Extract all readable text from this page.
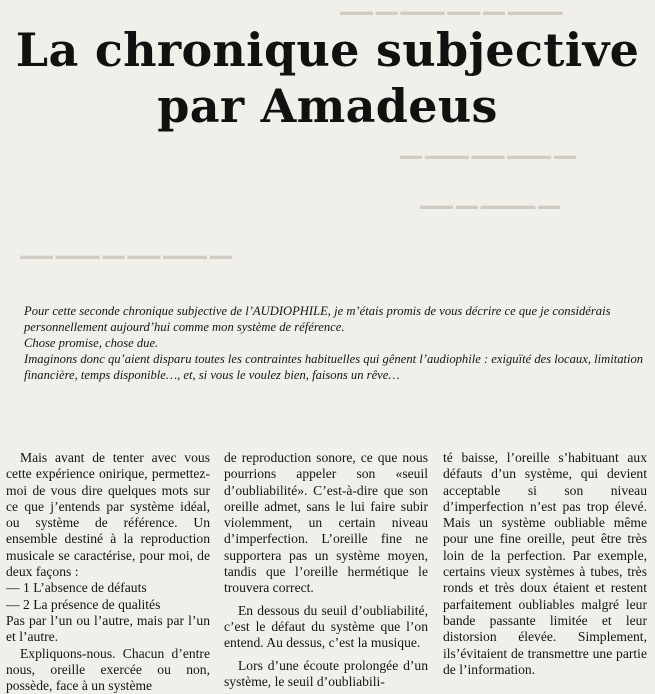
▬▬▬ ▬▬ ▬▬▬▬ ▬▬▬ ▬▬ ▬▬▬▬▬
▬▬ ▬▬▬▬ ▬▬▬ ▬▬▬▬ ▬▬
▬▬▬ ▬▬ ▬▬▬▬▬ ▬▬
▬▬▬ ▬▬▬▬ ▬▬ ▬▬▬ ▬▬▬▬ ▬▬
La chronique subjective
par Amadeus

Pour cette seconde chronique subjective de l’AUDIOPHILE, je m’étais promis de vous décrire ce que je considérais personnellement aujourd’hui comme mon système de référence.

Chose promise, chose due.

Imaginons donc qu’aient disparu toutes les contraintes habituelles qui gênent l’audiophile : exiguïté des locaux, limitation financière, temps disponible…, et, si vous le voulez bien, faisons un rêve…

Mais avant de tenter avec vous cette expérience onirique, permettez-moi de vous dire quelques mots sur ce que j’entends par système idéal, ou système de référence. Un ensemble destiné à la reproduction musicale se caractérise, pour moi, de deux façons :

— 1 L’absence de défauts
— 2 La présence de qualités

Pas par l’un ou l’autre, mais par l’un et l’autre.

Expliquons-nous. Chacun d’entre nous, oreille exercée ou non, possède, face à un système

de reproduction sonore, ce que nous pourrions appeler son «seuil d’oubliabilité». C’est-à-dire que son oreille admet, sans le lui faire subir violemment, un certain niveau d’imperfection. L’oreille fine ne supportera pas un système moyen, tandis que l’oreille hermétique le trouvera correct.

En dessous du seuil d’oubliabilité, c’est le défaut du système que l’on entend. Au dessus, c’est la musique.

Lors d’une écoute prolongée d’un système, le seuil d’oubliabili-

té baisse, l’oreille s’habituant aux défauts d’un système, qui devient acceptable si son niveau d’imperfection n’est pas trop élevé. Mais un système oubliable même pour une fine oreille, peut être très loin de la perfection. Par exemple, certains vieux systèmes à tubes, très ronds et très doux étaient et restent parfaitement oubliables malgré leur bande passante limitée et leur distorsion élevée. Simplement, ils’évitaient de transmettre une partie de l’information.
